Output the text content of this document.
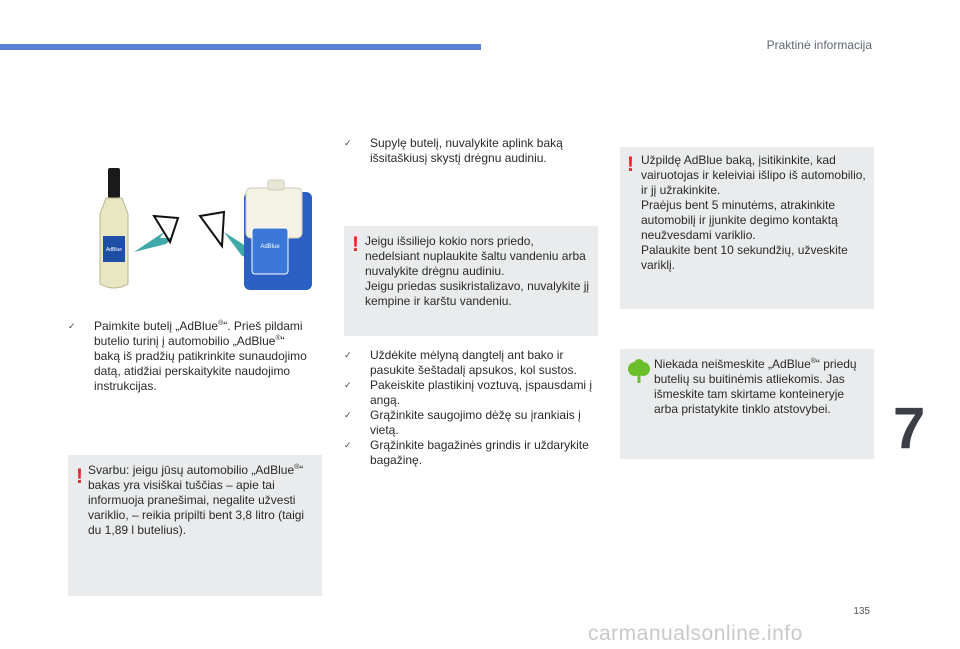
Praktinė informacija
AdBlue	AdBlue
✓	Paimkite butelį „AdBlue®“. Prieš pildami
butelio turinį į automobilio „AdBlue®“
baką iš pradžių patikrinkite sunaudojimo
datą, atidžiai perskaitykite naudojimo
instrukcijas.
! Svarbu: jeigu jūsų automobilio „AdBlue®“
bakas yra visiškai tuščias – apie tai
informuoja pranešimai, negalite užvesti
variklio, – reikia pripilti bent 3,8 litro (taigi
du 1,89 l butelius).
✓	Supylę butelį, nuvalykite aplink baką
išsitaškiusį skystį drėgnu audiniu.
! Jeigu išsiliejo kokio nors priedo,
nedelsiant nuplaukite šaltu vandeniu arba
nuvalykite drėgnu audiniu.
Jeigu priedas susikristalizavo, nuvalykite jį
kempine ir karštu vandeniu.
✓	Uždėkite mėlyną dangtelį ant bako ir
pasukite šeštadalį apsukos, kol sustos.
✓	Pakeiskite plastikinį voztuvą, įspausdami į
angą.
✓	Grąžinkite saugojimo dėžę su įrankiais į
vietą.
✓	Grąžinkite bagažinės grindis ir uždarykite
bagažinę.
! Užpildę AdBlue baką, įsitikinkite, kad
vairuotojas ir keleiviai išlipo iš automobilio,
ir jį užrakinkite.
Praėjus bent 5 minutėms, atrakinkite
automobilį ir įjunkite degimo kontaktą
neužvesdami variklio.
Palaukite bent 10 sekundžių, užveskite
variklį.
Niekada neišmeskite „AdBlue®“ priedų
butelių su buitinėmis atliekomis. Jas
išmeskite tam skirtame konteineryje
arba pristatykite tinklo atstovybei.	7
135
carmanualsonline.info
